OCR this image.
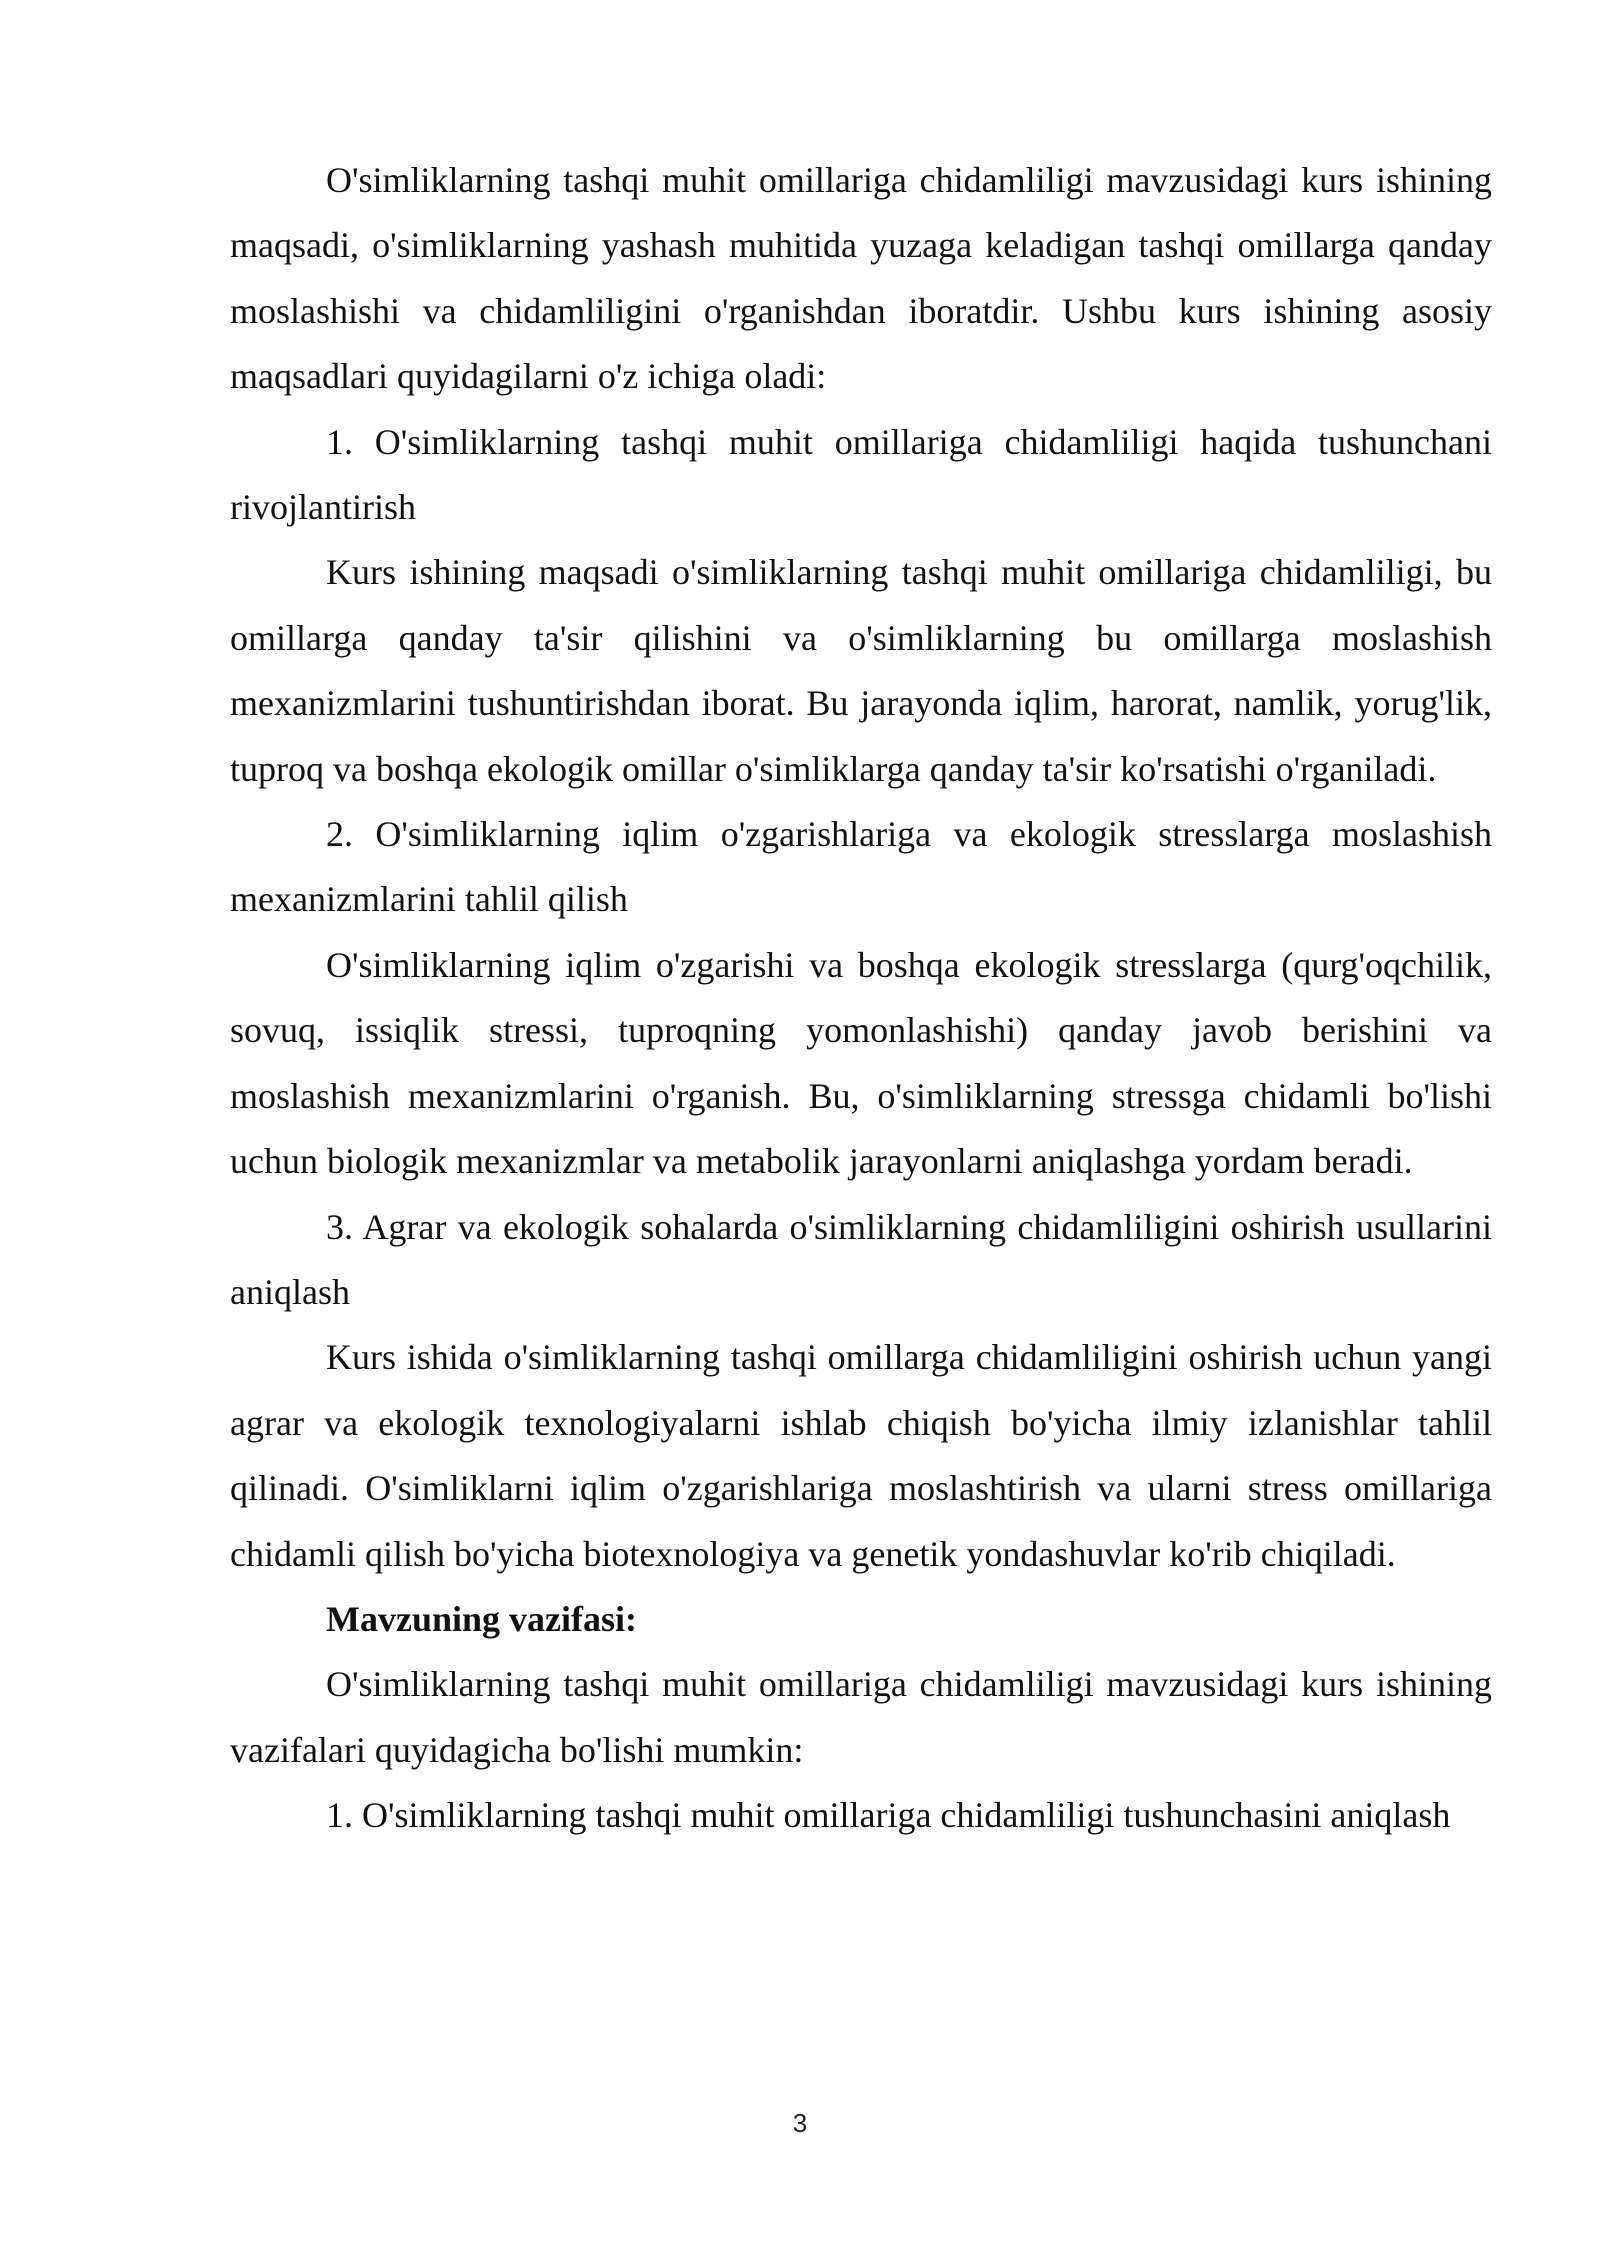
O'simliklarning tashqi muhit omillariga chidamliligi mavzusidagi kurs ishining maqsadi, o'simliklarning yashash muhitida yuzaga keladigan tashqi omillarga qanday moslashishi va chidamliligini o'rganishdan iboratdir. Ushbu kurs ishining asosiy maqsadlari quyidagilarni o'z ichiga oladi:

1. O'simliklarning tashqi muhit omillariga chidamliligi haqida tushunchani rivojlantirish

Kurs ishining maqsadi o'simliklarning tashqi muhit omillariga chidamliligi, bu omillarga qanday ta'sir qilishini va o'simliklarning bu omillarga moslashish mexanizmlarini tushuntirishdan iborat. Bu jarayonda iqlim, harorat, namlik, yorug'lik, tuproq va boshqa ekologik omillar o'simliklarga qanday ta'sir ko'rsatishi o'rganiladi.

2. O'simliklarning iqlim o'zgarishlariga va ekologik stresslarga moslashish mexanizmlarini tahlil qilish

O'simliklarning iqlim o'zgarishi va boshqa ekologik stresslarga (qurg'oqchilik, sovuq, issiqlik stressi, tuproqning yomonlashishi) qanday javob berishini va moslashish mexanizmlarini o'rganish. Bu, o'simliklarning stressga chidamli bo'lishi uchun biologik mexanizmlar va metabolik jarayonlarni aniqlashga yordam beradi.

3. Agrar va ekologik sohalarda o'simliklarning chidamliligini oshirish usullarini aniqlash

Kurs ishida o'simliklarning tashqi omillarga chidamliligini oshirish uchun yangi agrar va ekologik texnologiyalarni ishlab chiqish bo'yicha ilmiy izlanishlar tahlil qilinadi. O'simliklarni iqlim o'zgarishlariga moslashtirish va ularni stress omillariga chidamli qilish bo'yicha biotexnologiya va genetik yondashuvlar ko'rib chiqiladi.

Mavzuning vazifasi:

O'simliklarning tashqi muhit omillariga chidamliligi mavzusidagi kurs ishining vazifalari quyidagicha bo'lishi mumkin:

1. O'simliklarning tashqi muhit omillariga chidamliligi tushunchasini aniqlash

3
